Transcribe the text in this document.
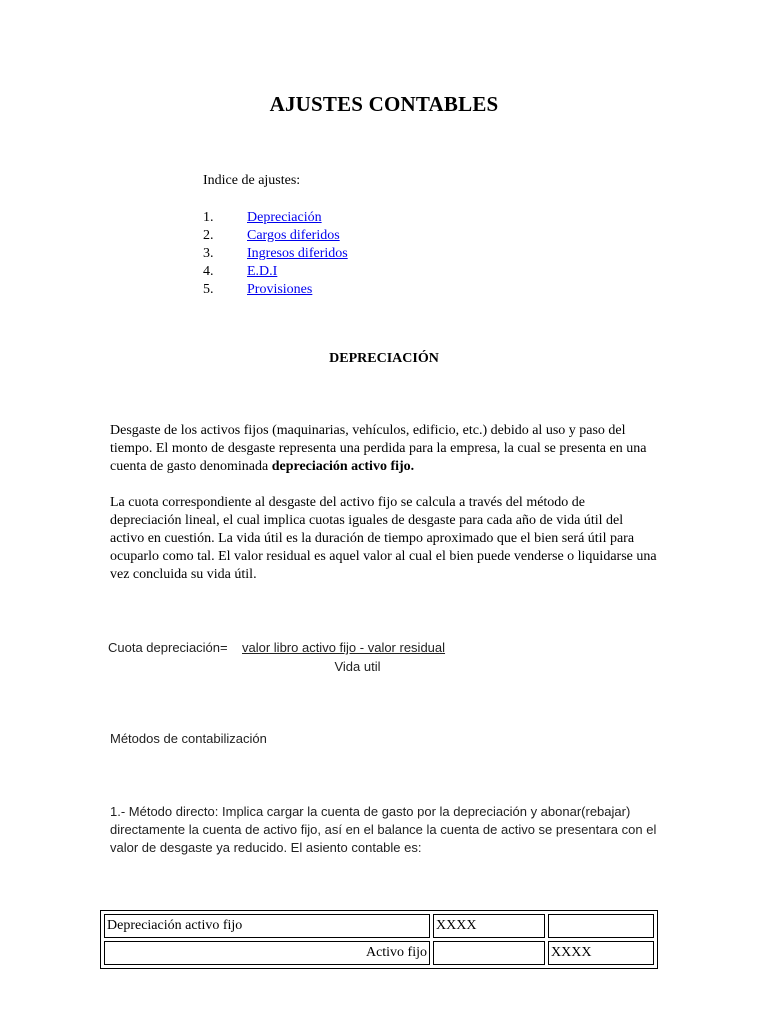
AJUSTES CONTABLES
Indice de ajustes:
1. Depreciación
2. Cargos diferidos
3. Ingresos diferidos
4. E.D.I
5. Provisiones
DEPRECIACIÓN
Desgaste de los activos fijos (maquinarias, vehículos, edificio, etc.) debido al uso y paso del tiempo. El monto de desgaste representa una perdida para la empresa, la cual se presenta en una cuenta de gasto denominada depreciación activo fijo.
La cuota correspondiente al desgaste del activo fijo se calcula a través del método de depreciación lineal, el cual implica cuotas iguales de desgaste para cada año de vida útil del activo en cuestión. La vida útil es la duración de tiempo aproximado que el bien será útil para ocuparlo como tal. El valor residual es aquel valor al cual el bien puede venderse o liquidarse una vez concluida su vida útil.
Cuota depreciación= valor libro activo fijo - valor residual
Vida util
Métodos de contabilización
1.- Método directo: Implica cargar la cuenta de gasto por la depreciación y abonar(rebajar) directamente la cuenta de activo fijo, así en el balance la cuenta de activo se presentara con el valor de desgaste ya reducido. El asiento contable es:
Depreciación activo fijo	XXXX	
Activo fijo		XXXX
